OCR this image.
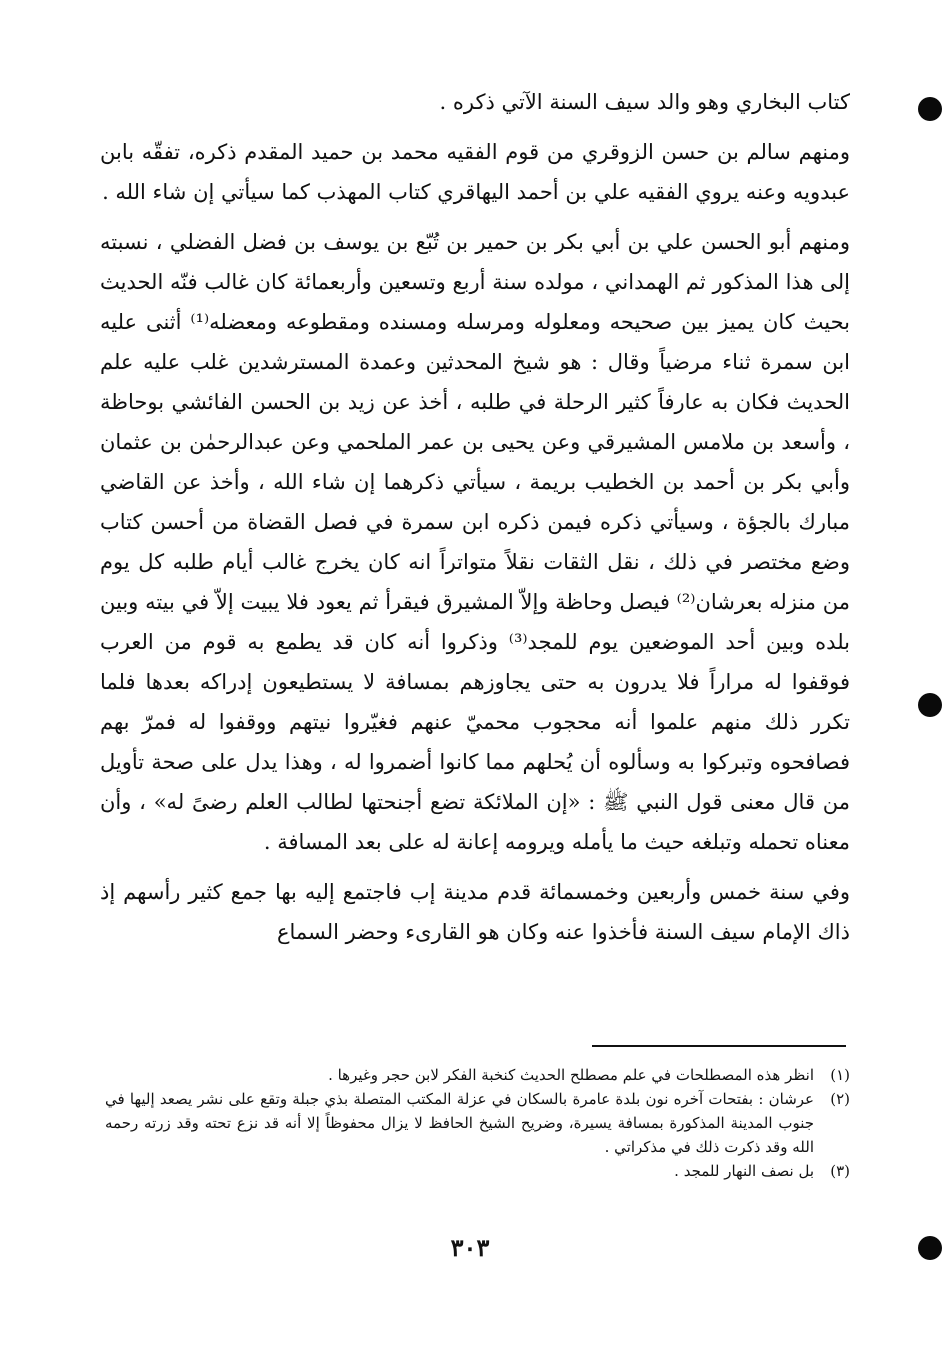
كتاب البخاري وهو والد سيف السنة الآتي ذكره .

ومنهم سالم بن حسن الزوقري من قوم الفقيه محمد بن حميد المقدم ذكره، تفقّه بابن عبدويه وعنه يروي الفقيه علي بن أحمد اليهاقري كتاب المهذب كما سيأتي إن شاء الله .

ومنهم أبو الحسن علي بن أبي بكر بن حمير بن تُبّع بن يوسف بن فضل الفضلي ، نسبته إلى هذا المذكور ثم الهمداني ، مولده سنة أربع وتسعين وأربعمائة كان غالب فنّه الحديث بحيث كان يميز بين صحيحه ومعلوله ومرسله ومسنده ومقطوعه ومعضله⁽¹⁾ أثنى عليه ابن سمرة ثناء مرضياً وقال : هو شيخ المحدثين وعمدة المسترشدين غلب عليه علم الحديث فكان به عارفاً كثير الرحلة في طلبه ، أخذ عن زيد بن الحسن الفائشي بوحاظة ، وأسعد بن ملامس المشيرقي وعن يحيى بن عمر الملحمي وعن عبدالرحمٰن بن عثمان وأبي بكر بن أحمد بن الخطيب بريمة ، سيأتي ذكرهما إن شاء الله ، وأخذ عن القاضي مبارك بالجؤة ، وسيأتي ذكره فيمن ذكره ابن سمرة في فصل القضاة من أحسن كتاب وضع مختصر في ذلك ، نقل الثقات نقلاً متواتراً انه كان يخرج غالب أيام طلبه كل يوم من منزله بعرشان⁽²⁾ فيصل وحاظة وإلاّ المشيرق فيقرأ ثم يعود فلا يبيت إلاّ في بيته وبين بلده وبين أحد الموضعين يوم للمجد⁽³⁾ وذكروا أنه كان قد يطمع به قوم من العرب فوقفوا له مراراً فلا يدرون به حتى يجاوزهم بمسافة لا يستطيعون إدراكه بعدها فلما تكرر ذلك منهم علموا أنه محجوب محميّ عنهم فغيّروا نيتهم ووقفوا له فمرّ بهم فصافحوه وتبركوا به وسألوه أن يُحلهم مما كانوا أضمروا له ، وهذا يدل على صحة تأويل من قال معنى قول النبي ﷺ : «إن الملائكة تضع أجنحتها لطالب العلم رضىً له» ، وأن معناه تحمله وتبلغه حيث ما يأمله ويرومه إعانة له على بعد المسافة .

وفي سنة خمس وأربعين وخمسمائة قدم مدينة إب فاجتمع إليه بها جمع كثير رأسهم إذ ذاك الإمام سيف السنة فأخذوا عنه وكان هو القارىء وحضر السماع

(١)
انظر هذه المصطلحات في علم مصطلح الحديث كنخبة الفكر لابن حجر وغيرها .
(٢)
عرشان : بفتحات آخره نون بلدة عامرة بالسكان في عزلة المكتب المتصلة بذي جبلة وتقع على نشر يصعد إليها في جنوب المدينة المذكورة بمسافة يسيرة، وضريح الشيخ الحافظ لا يزال محفوظاً إلا أنه قد نزع تحته وقد زرته رحمه الله وقد ذكرت ذلك في مذكراتي .
(٣)
بل نصف النهار للمجد .
٣٠٣
